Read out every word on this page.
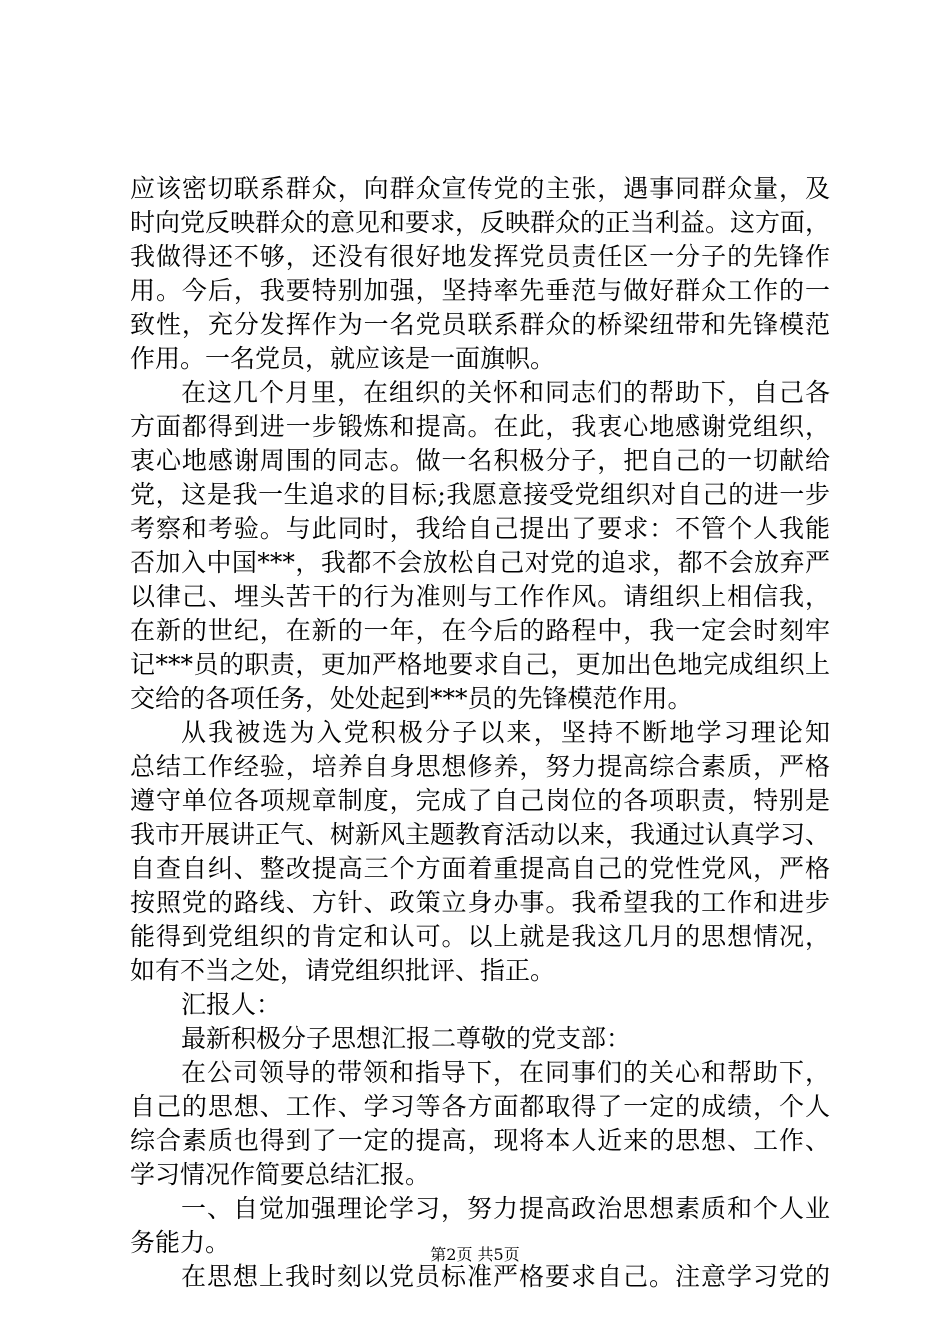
应该密切联系群众，向群众宣传党的主张，遇事同群众量，及
时向党反映群众的意见和要求，反映群众的正当利益。这方面，
我做得还不够，还没有很好地发挥党员责任区一分子的先锋作
用。今后，我要特别加强，坚持率先垂范与做好群众工作的一
致性，充分发挥作为一名党员联系群众的桥梁纽带和先锋模范
作用。一名党员，就应该是一面旗帜。
在这几个月里，在组织的关怀和同志们的帮助下，自己各
方面都得到进一步锻炼和提高。在此，我衷心地感谢党组织，
衷心地感谢周围的同志。做一名积极分子，把自己的一切献给
党，这是我一生追求的目标;我愿意接受党组织对自己的进一步
考察和考验。与此同时，我给自己提出了要求：不管个人我能
否加入中国***，我都不会放松自己对党的追求，都不会放弃严
以律己、埋头苦干的行为准则与工作作风。请组织上相信我，
在新的世纪，在新的一年，在今后的路程中，我一定会时刻牢
记***员的职责，更加严格地要求自己，更加出色地完成组织上
交给的各项任务，处处起到***员的先锋模范作用。
从我被选为入党积极分子以来，坚持不断地学习理论知
总结工作经验，培养自身思想修养，努力提高综合素质，严格
遵守单位各项规章制度，完成了自己岗位的各项职责，特别是
我市开展讲正气、树新风主题教育活动以来，我通过认真学习、
自查自纠、整改提高三个方面着重提高自己的党性党风，严格
按照党的路线、方针、政策立身办事。我希望我的工作和进步
能得到党组织的肯定和认可。以上就是我这几月的思想情况，
如有不当之处，请党组织批评、指正。
汇报人：
最新积极分子思想汇报二尊敬的党支部：
在公司领导的带领和指导下，在同事们的关心和帮助下，
自己的思想、工作、学习等各方面都取得了一定的成绩，个人
综合素质也得到了一定的提高，现将本人近来的思想、工作、
学习情况作简要总结汇报。
一、自觉加强理论学习，努力提高政治思想素质和个人业
务能力。
在思想上我时刻以党员标准严格要求自己。注意学习党的
第2页 共5页
